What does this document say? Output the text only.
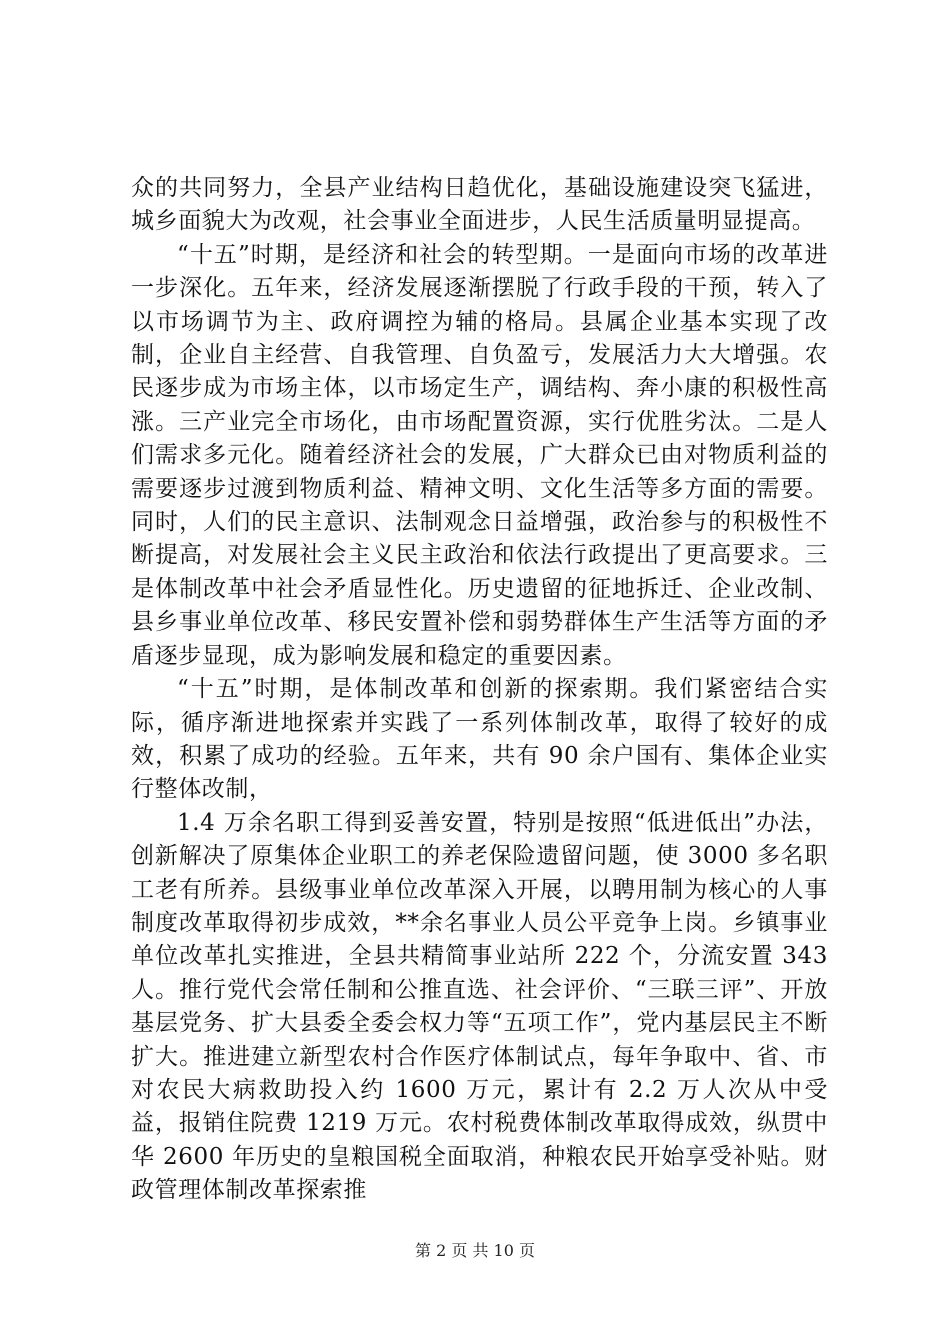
众的共同努力，全县产业结构日趋优化，基础设施建设突飞猛进，城乡面貌大为改观，社会事业全面进步，人民生活质量明显提高。

“十五”时期，是经济和社会的转型期。一是面向市场的改革进一步深化。五年来，经济发展逐渐摆脱了行政手段的干预，转入了以市场调节为主、政府调控为辅的格局。县属企业基本实现了改制，企业自主经营、自我管理、自负盈亏，发展活力大大增强。农民逐步成为市场主体，以市场定生产，调结构、奔小康的积极性高涨。三产业完全市场化，由市场配置资源，实行优胜劣汰。二是人们需求多元化。随着经济社会的发展，广大群众已由对物质利益的需要逐步过渡到物质利益、精神文明、文化生活等多方面的需要。同时，人们的民主意识、法制观念日益增强，政治参与的积极性不断提高，对发展社会主义民主政治和依法行政提出了更高要求。三是体制改革中社会矛盾显性化。历史遗留的征地拆迁、企业改制、县乡事业单位改革、移民安置补偿和弱势群体生产生活等方面的矛盾逐步显现，成为影响发展和稳定的重要因素。

“十五”时期，是体制改革和创新的探索期。我们紧密结合实际，循序渐进地探索并实践了一系列体制改革，取得了较好的成效，积累了成功的经验。五年来，共有 90 余户国有、集体企业实行整体改制，

1.4 万余名职工得到妥善安置，特别是按照“低进低出”办法，创新解决了原集体企业职工的养老保险遗留问题，使 3000 多名职工老有所养。县级事业单位改革深入开展，以聘用制为核心的人事制度改革取得初步成效，**余名事业人员公平竞争上岗。乡镇事业单位改革扎实推进，全县共精简事业站所 222 个，分流安置 343 人。推行党代会常任制和公推直选、社会评价、“三联三评”、开放基层党务、扩大县委全委会权力等“五项工作”，党内基层民主不断扩大。推进建立新型农村合作医疗体制试点，每年争取中、省、市对农民大病救助投入约 1600 万元，累计有 2.2 万人次从中受益，报销住院费 1219 万元。农村税费体制改革取得成效，纵贯中华 2600 年历史的皇粮国税全面取消，种粮农民开始享受补贴。财政管理体制改革探索推

第 2 页 共 10 页
